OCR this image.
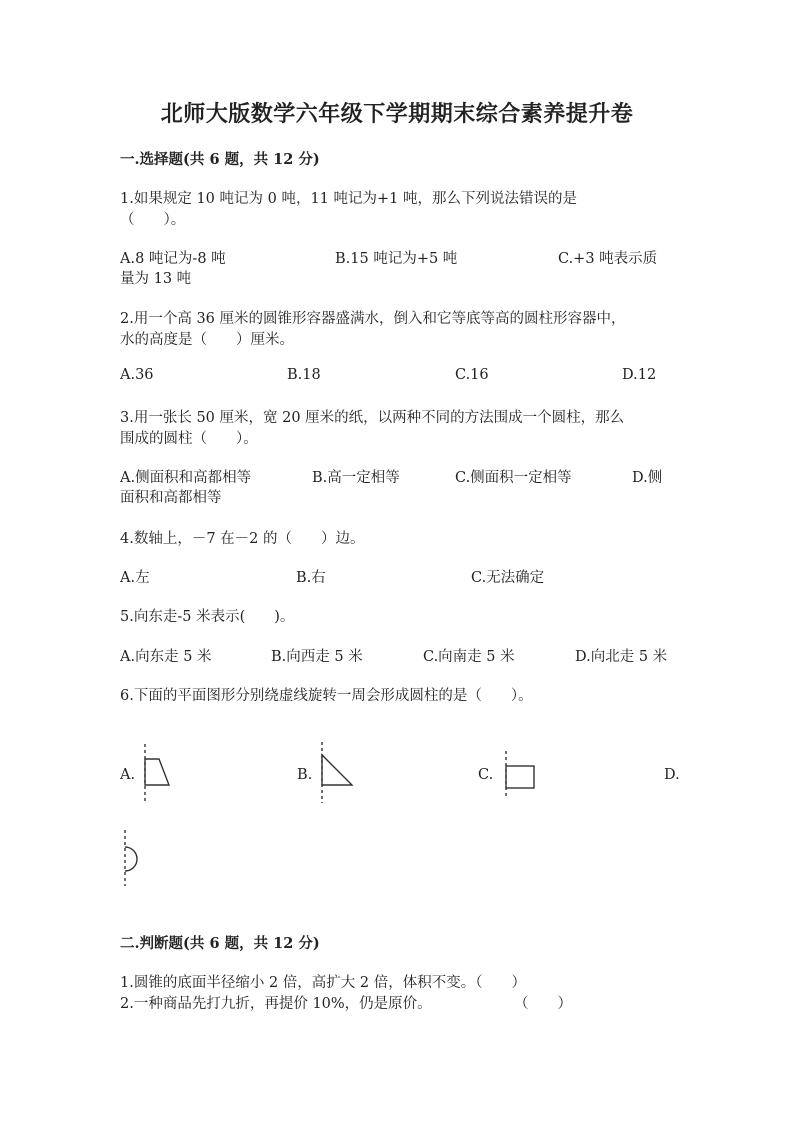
北师大版数学六年级下学期期末综合素养提升卷
一.选择题(共 6 题，共 12 分)
1.如果规定 10 吨记为 0 吨，11 吨记为+1 吨，那么下列说法错误的是
（　　）。
A.8 吨记为-8 吨	B.15 吨记为+5 吨	C.+3 吨表示质
量为 13 吨
2.用一个高 36 厘米的圆锥形容器盛满水，倒入和它等底等高的圆柱形容器中，
水的高度是（　　）厘米。
A.36	B.18	C.16	D.12
3.用一张长 50 厘米，宽 20 厘米的纸，以两种不同的方法围成一个圆柱，那么
围成的圆柱（　　）。
A.侧面积和高都相等	B.高一定相等	C.侧面积一定相等	D.侧
面积和高都相等
4.数轴上，－7 在－2 的（　　）边。
A.左	B.右	C.无法确定
5.向东走-5 米表示(　　)。
A.向东走 5 米	B.向西走 5 米	C.向南走 5 米	D.向北走 5 米
6.下面的平面图形分别绕虚线旋转一周会形成圆柱的是（　　）。
A.	B.	C.	D.
二.判断题(共 6 题，共 12 分)
1.圆锥的底面半径缩小 2 倍，高扩大 2 倍，体积不变。（　　）
2.一种商品先打九折，再提价 10%，仍是原价。	（　　）
